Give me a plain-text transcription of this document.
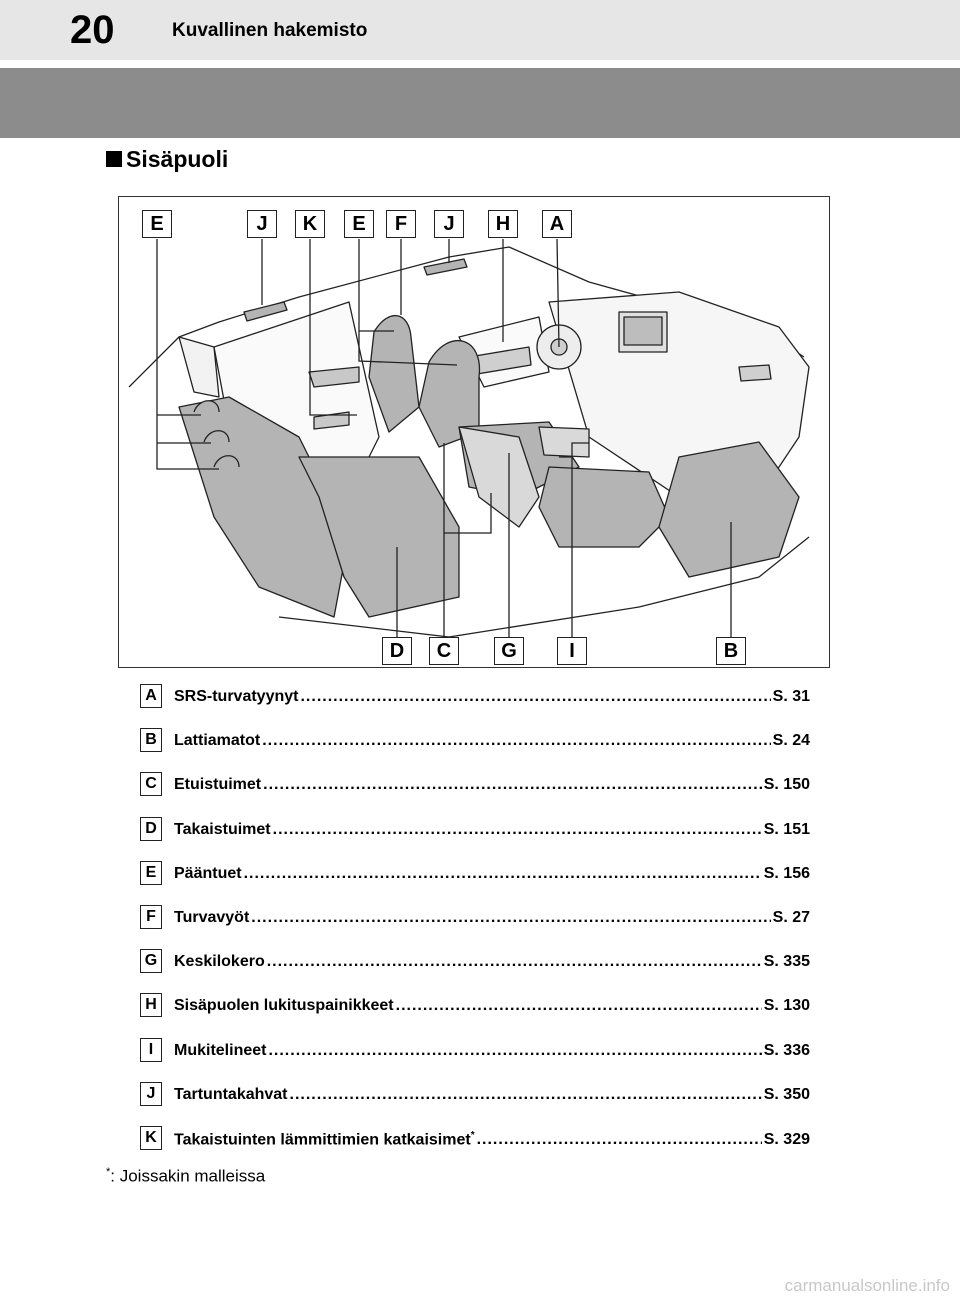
20	Kuvallinen hakemisto
Sisäpuoli
E	J	K	E	F	J	H	A
D	C	G	I	B
A	SRS-turvatyynyt .....	S. 31
B	Lattiamatot .....	S. 24
C	Etuistuimet .....	S. 150
D	Takaistuimet .....	S. 151
E	Pääntuet .....	S. 156
F	Turvavyöt .....	S. 27
G Keskilokero .....	S. 335
H	Sisäpuolen lukituspainikkeet .....	S. 130
I	Mukitelineet .....	S. 336
J	Tartuntakahvat .....	S. 350
K	Takaistuinten lämmittimien katkaisimet* .....	S. 329
*: Joissakin malleissa
carmanualsonline.info
